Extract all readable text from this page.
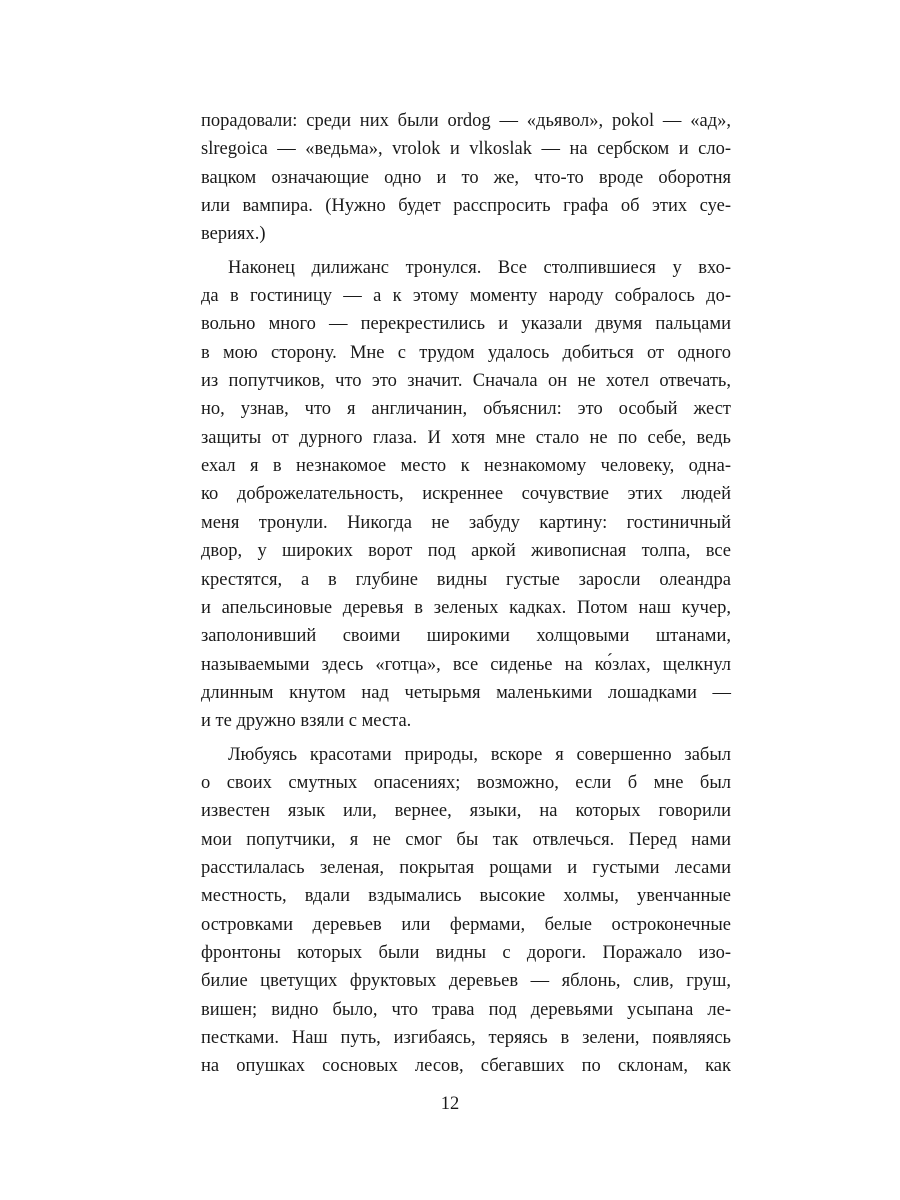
порадовали: среди них были ordog — «дьявол», pokol — «ад»,
slregoica — «ведьма», vrolok и vlkoslak — на сербском и сло-
вацком означающие одно и то же, что-то вроде оборотня
или вампира. (Нужно будет расспросить графа об этих суе-
вериях.)
Наконец дилижанс тронулся. Все столпившиеся у вхо-
да в гостиницу — а к этому моменту народу собралось до-
вольно много — перекрестились и указали двумя пальцами
в мою сторону. Мне с трудом удалось добиться от одного
из попутчиков, что это значит. Сначала он не хотел отвечать,
но, узнав, что я англичанин, объяснил: это особый жест
защиты от дурного глаза. И хотя мне стало не по себе, ведь
ехал я в незнакомое место к незнакомому человеку, одна-
ко доброжелательность, искреннее сочувствие этих людей
меня тронули. Никогда не забуду картину: гостиничный
двор, у широких ворот под аркой живописная толпа, все
крестятся, а в глубине видны густые заросли олеандра
и апельсиновые деревья в зеленых кадках. Потом наш кучер,
заполонивший своими широкими холщовыми штанами,
называемыми здесь «готца», все сиденье на ко́злах, щелкнул
длинным кнутом над четырьмя маленькими лошадками —
и те дружно взяли с места.
Любуясь красотами природы, вскоре я совершенно забыл
о своих смутных опасениях; возможно, если б мне был
известен язык или, вернее, языки, на которых говорили
мои попутчики, я не смог бы так отвлечься. Перед нами
расстилалась зеленая, покрытая рощами и густыми лесами
местность, вдали вздымались высокие холмы, увенчанные
островками деревьев или фермами, белые остроконечные
фронтоны которых были видны с дороги. Поражало изо-
билие цветущих фруктовых деревьев — яблонь, слив, груш,
вишен; видно было, что трава под деревьями усыпана ле-
пестками. Наш путь, изгибаясь, теряясь в зелени, появляясь
на опушках сосновых лесов, сбегавших по склонам, как
12
